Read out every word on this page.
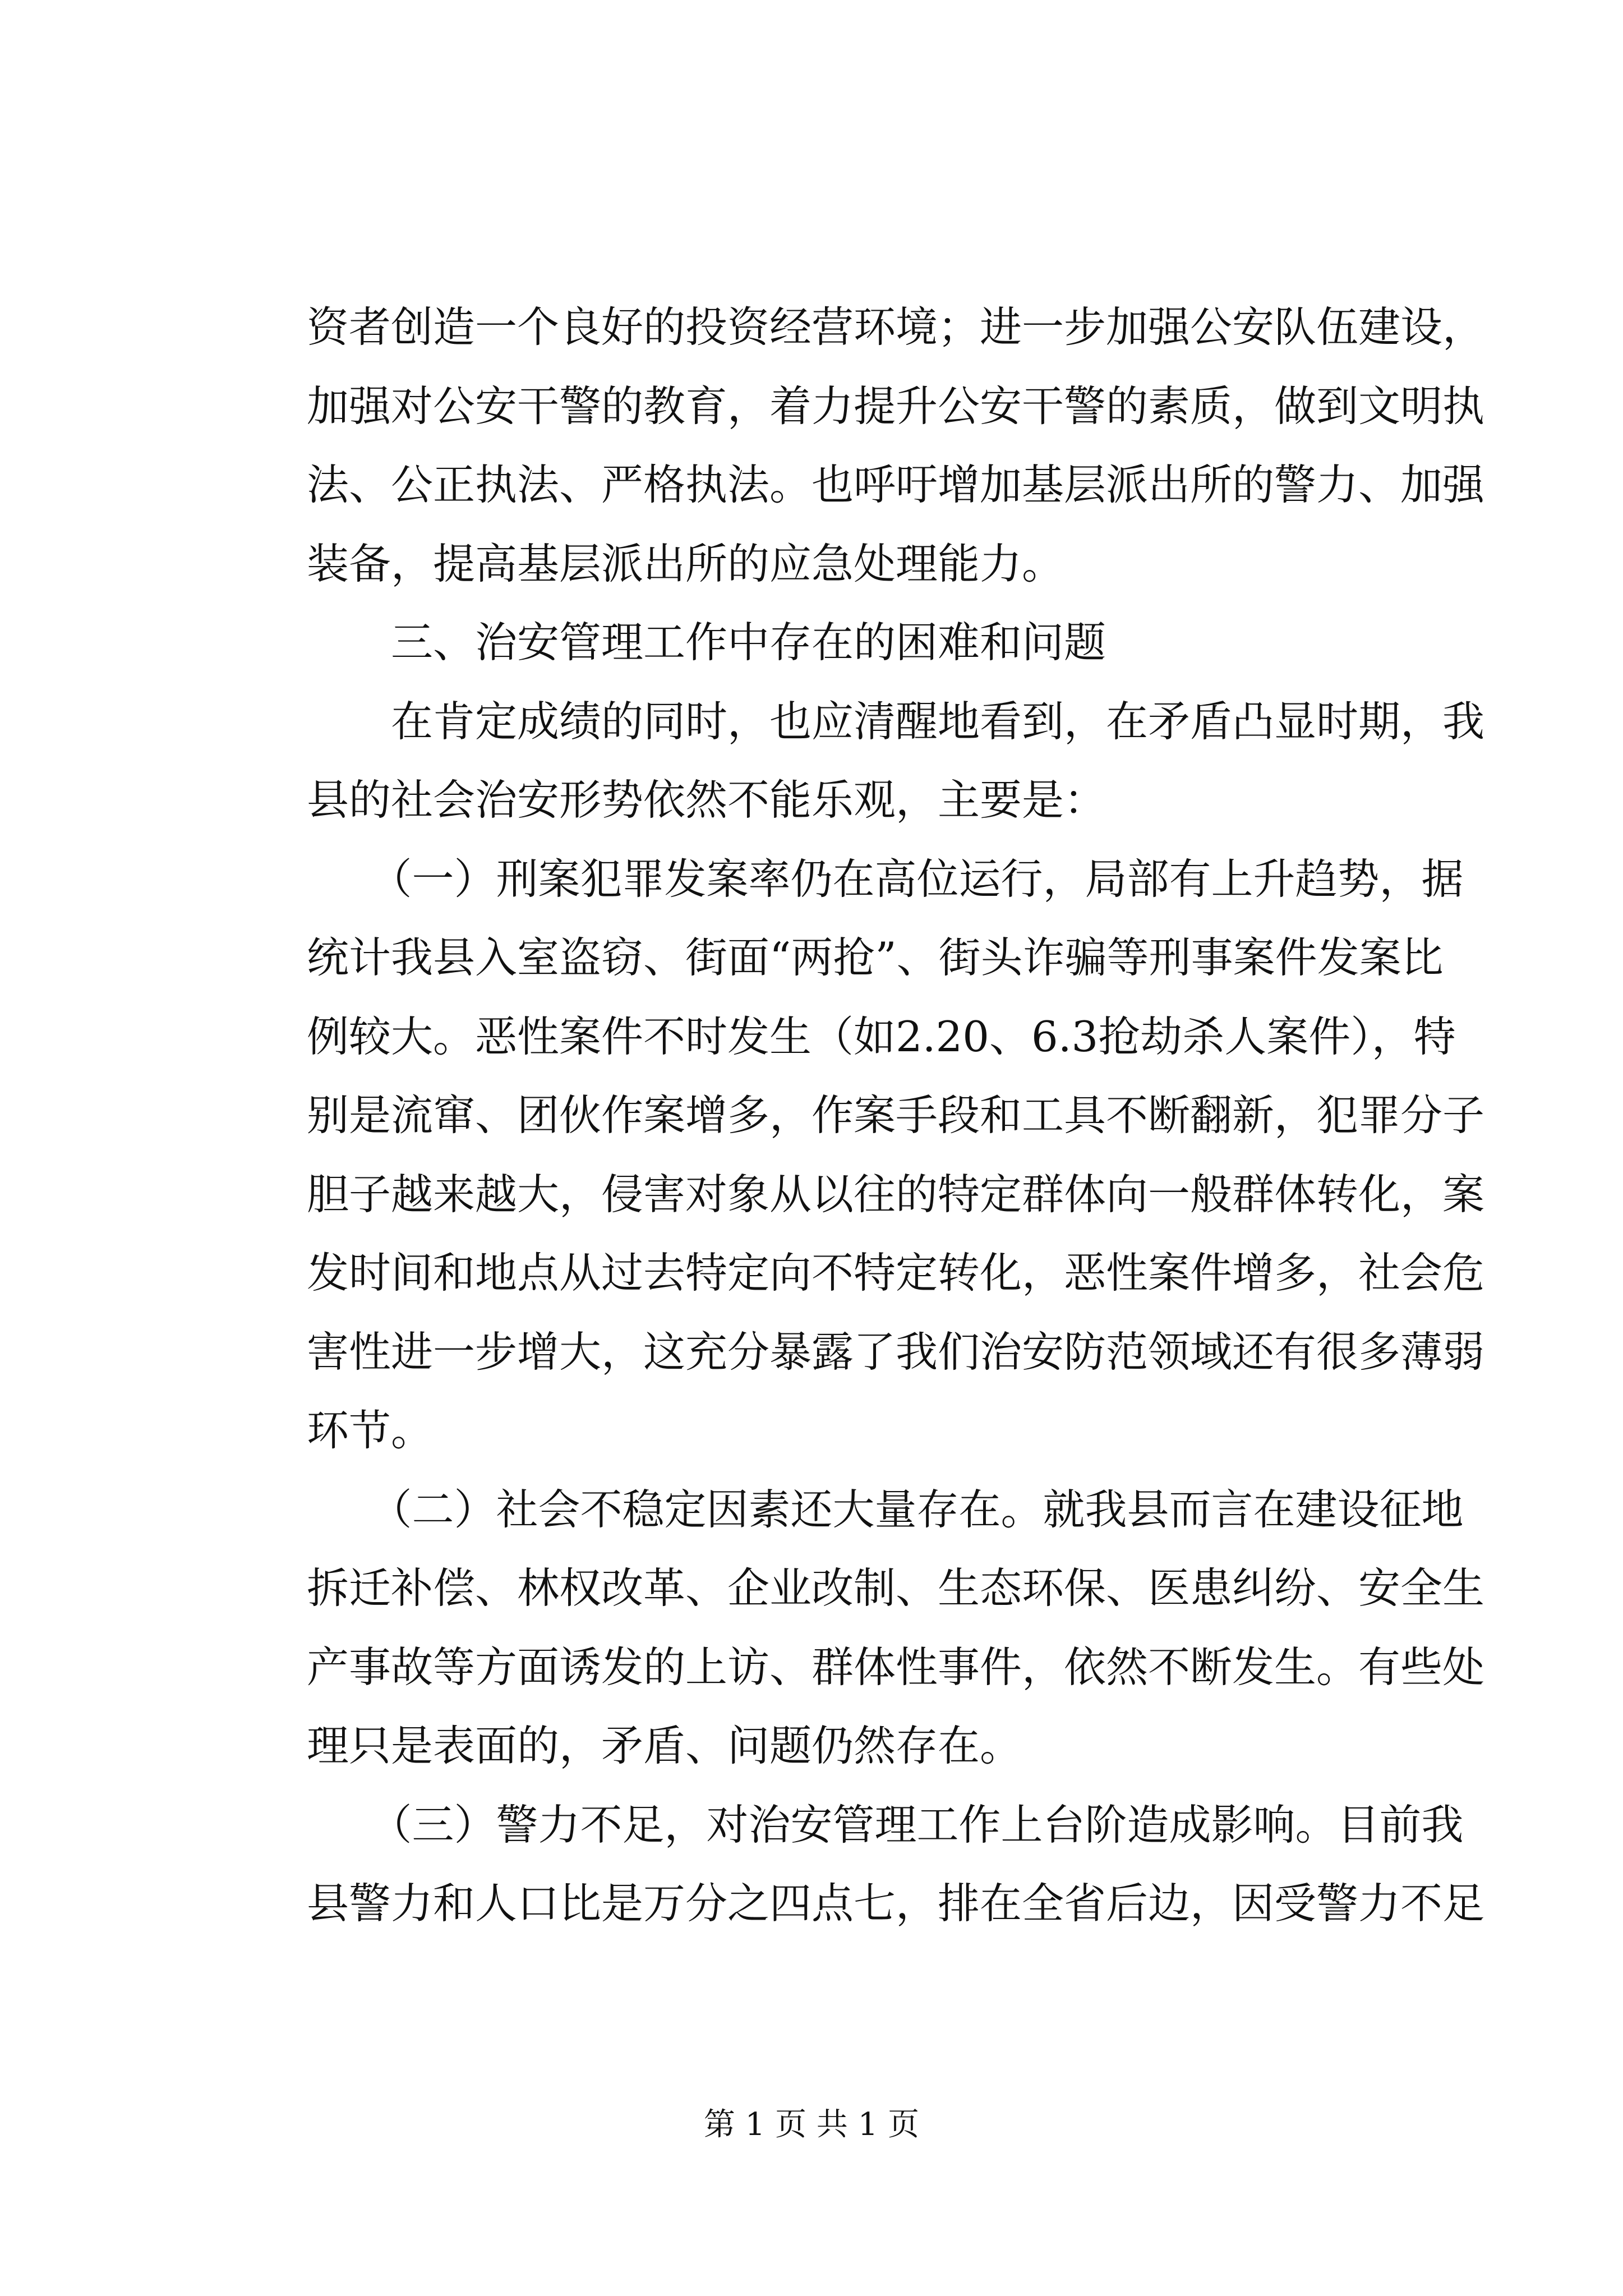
资者创造一个良好的投资经营环境；进一步加强公安队伍建设，
加强对公安干警的教育，着力提升公安干警的素质，做到文明执
法、公正执法、严格执法。也呼吁增加基层派出所的警力、加强
装备，提高基层派出所的应急处理能力。
　　三、治安管理工作中存在的困难和问题
　　在肯定成绩的同时，也应清醒地看到，在矛盾凸显时期，我
县的社会治安形势依然不能乐观，主要是：
　　（一）刑案犯罪发案率仍在高位运行，局部有上升趋势，据
统计我县入室盗窃、街面“两抢”、街头诈骗等刑事案件发案比
例较大。恶性案件不时发生（如2.20、6.3抢劫杀人案件），特
别是流窜、团伙作案增多，作案手段和工具不断翻新，犯罪分子
胆子越来越大，侵害对象从以往的特定群体向一般群体转化，案
发时间和地点从过去特定向不特定转化，恶性案件增多，社会危
害性进一步增大，这充分暴露了我们治安防范领域还有很多薄弱
环节。
　　（二）社会不稳定因素还大量存在。就我县而言在建设征地
拆迁补偿、林权改革、企业改制、生态环保、医患纠纷、安全生
产事故等方面诱发的上访、群体性事件，依然不断发生。有些处
理只是表面的，矛盾、问题仍然存在。
　　（三）警力不足，对治安管理工作上台阶造成影响。目前我
县警力和人口比是万分之四点七，排在全省后边，因受警力不足
第 1 页 共 1 页
